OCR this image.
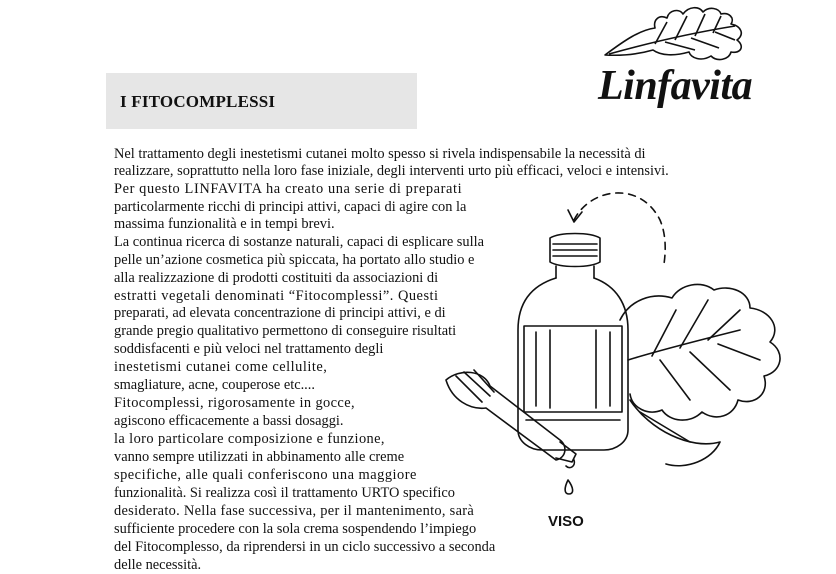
I FITOCOMPLESSI	Linfavita
Nel trattamento degli inestetismi cutanei molto spesso si rivela indispensabile la necessità di
realizzare, soprattutto nella loro fase iniziale, degli interventi urto più efficaci, veloci e intensivi.
Per questo LINFAVITA ha creato una serie di preparati
particolarmente ricchi di principi attivi, capaci di agire con la
massima funzionalità e in tempi brevi.
La continua ricerca di sostanze naturali, capaci di esplicare sulla
pelle un’azione cosmetica più spiccata, ha portato allo studio e
alla realizzazione di prodotti costituiti da associazioni di
estratti vegetali denominati “Fitocomplessi”. Questi
preparati, ad elevata concentrazione di principi attivi, e di
grande pregio qualitativo permettono di conseguire risultati
soddisfacenti e più veloci nel trattamento degli
inestetismi cutanei come cellulite,
smagliature, acne, couperose etc....
Fitocomplessi, rigorosamente in gocce,
agiscono efficacemente a bassi dosaggi.
la loro particolare composizione e funzione,
vanno sempre utilizzati in abbinamento alle creme
specifiche, alle quali conferiscono una maggiore
funzionalità. Si realizza così il trattamento URTO specifico
desiderato. Nella fase successiva, per il mantenimento, sarà
sufficiente procedere con la sola crema sospendendo l’impiego
del Fitocomplesso, da riprendersi in un ciclo successivo a seconda
delle necessità.
VISO
